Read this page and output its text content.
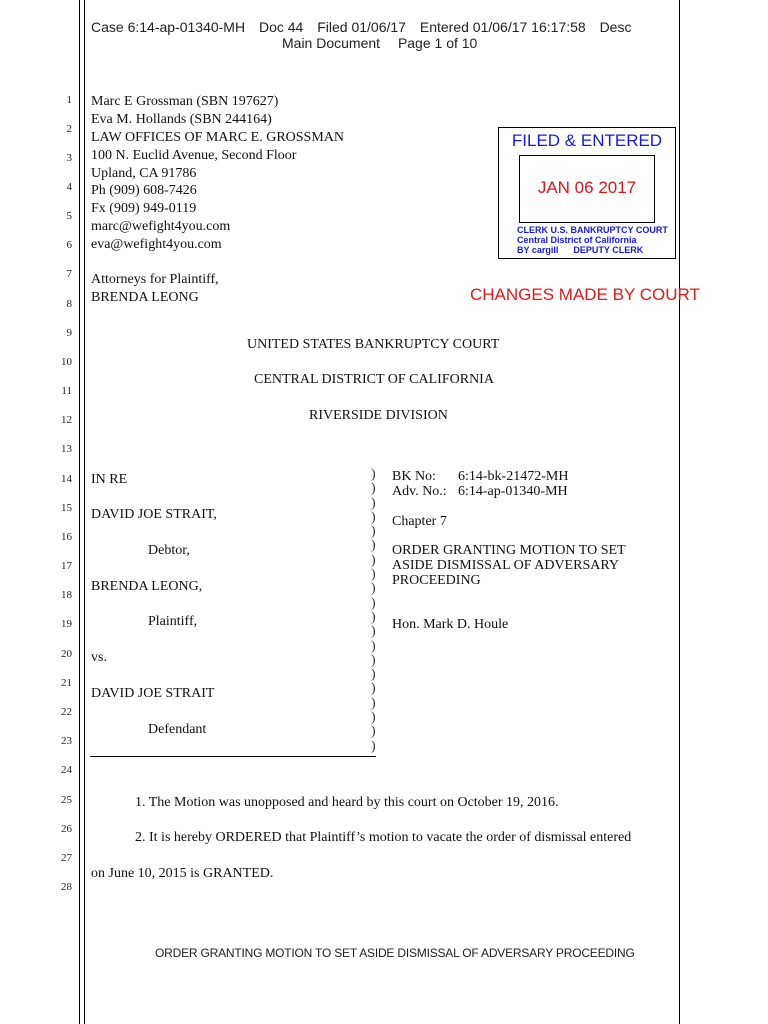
Case 6:14-ap-01340-MH Doc 44 Filed 01/06/17 Entered 01/06/17 16:17:58 Desc
Main Document Page 1 of 10
1
2
3
4
5
6
7
8
9
10
11
12
13
14
15
16
17
18
19
20
21
22
23
24
25
26
27
28
Marc E Grossman (SBN 197627)
Eva M. Hollands (SBN 244164)
LAW OFFICES OF MARC E. GROSSMAN
100 N. Euclid Avenue, Second Floor
Upland, CA 91786
Ph (909) 608-7426
Fx (909) 949-0119
marc@wefight4you.com
eva@wefight4you.com
Attorneys for Plaintiff,
BRENDA LEONG
FILED & ENTERED
JAN 06 2017
CLERK U.S. BANKRUPTCY COURT
Central District of California
BY cargill      DEPUTY CLERK
CHANGES MADE BY COURT
UNITED STATES BANKRUPTCY COURT
CENTRAL DISTRICT OF CALIFORNIA
RIVERSIDE DIVISION
IN RE
DAVID JOE STRAIT,
Debtor,
BRENDA LEONG,
Plaintiff,
vs.
DAVID JOE STRAIT
Defendant
)
)
)
)
)
)
)
)
)
)
)
)
)
)
)
)
)
)
)
)
BK No: 6:14-bk-21472-MH
Adv. No.: 6:14-ap-01340-MH
Chapter 7
ORDER GRANTING MOTION TO SET
ASIDE DISMISSAL OF ADVERSARY
PROCEEDING
Hon. Mark D. Houle
1. The Motion was unopposed and heard by this court on October 19, 2016.
2. It is hereby ORDERED that Plaintiff’s motion to vacate the order of dismissal entered
on June 10, 2015 is GRANTED.
ORDER GRANTING MOTION TO SET ASIDE DISMISSAL OF ADVERSARY PROCEEDING
